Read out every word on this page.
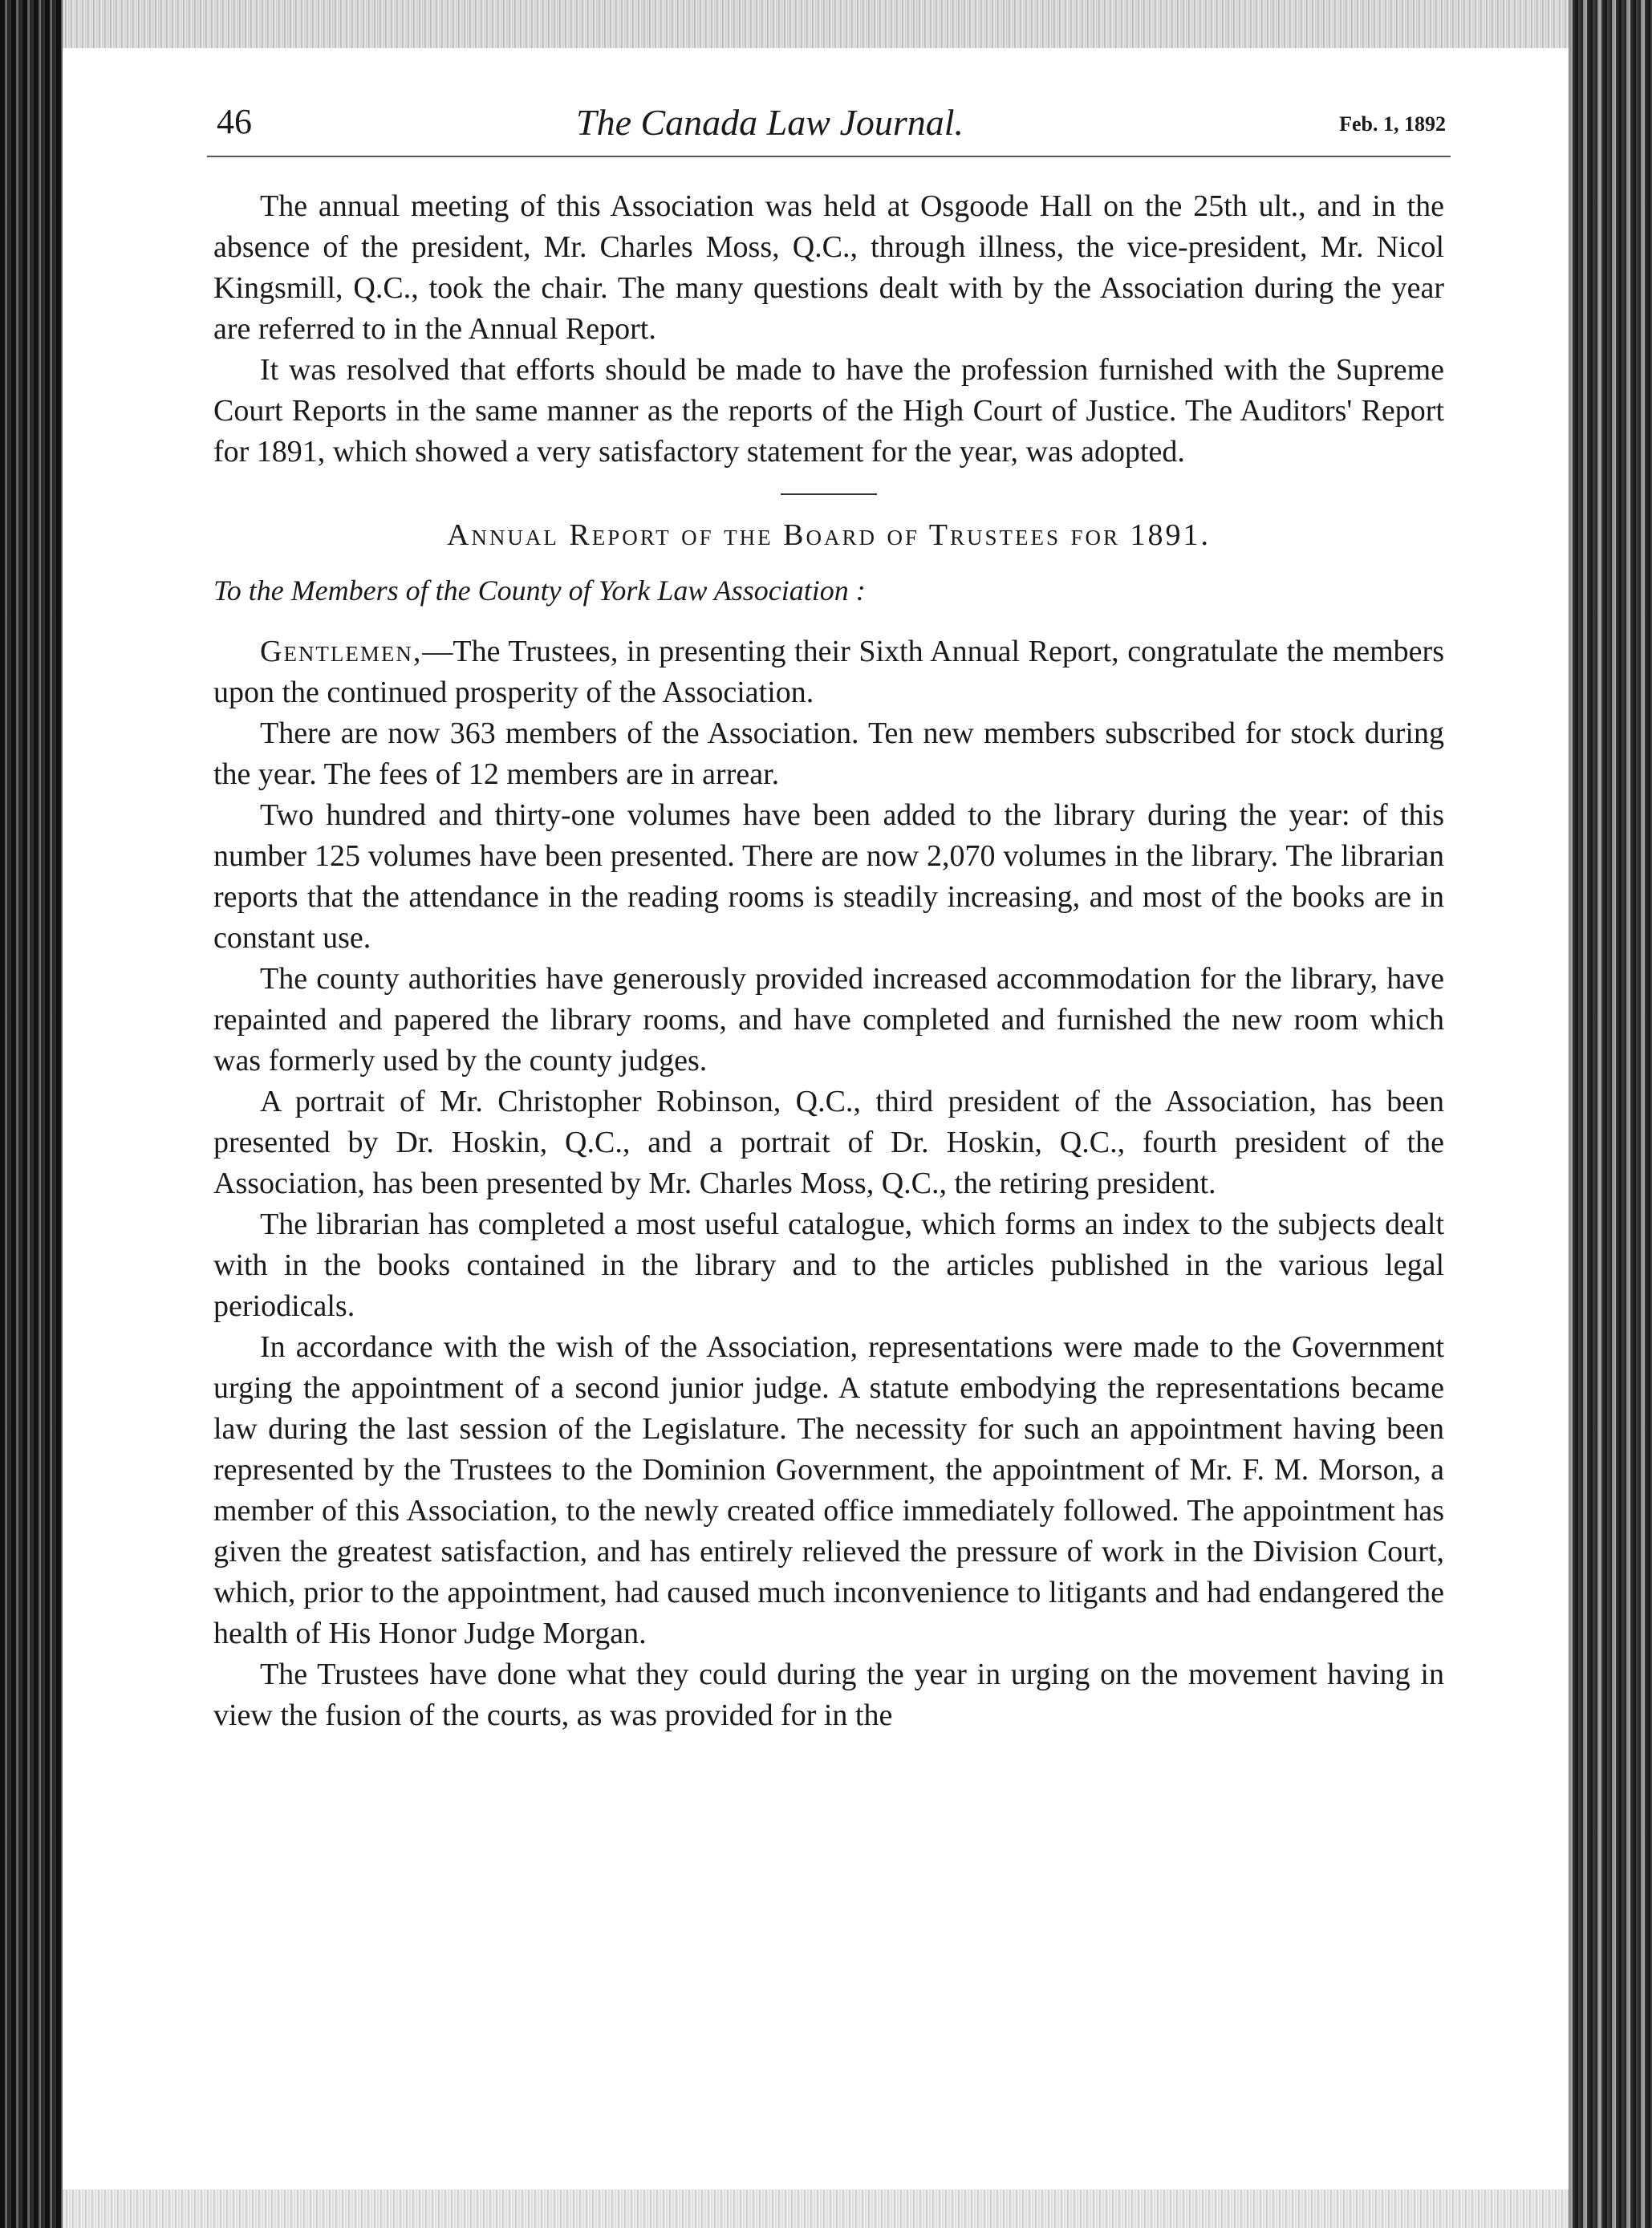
46	The Canada Law Journal.	Feb. 1, 1892

The annual meeting of this Association was held at Osgoode Hall on the 25th ult., and in the absence of the president, Mr. Charles Moss, Q.C., through illness, the vice-president, Mr. Nicol Kingsmill, Q.C., took the chair. The many questions dealt with by the Association during the year are referred to in the Annual Report.

It was resolved that efforts should be made to have the profession furnished with the Supreme Court Reports in the same manner as the reports of the High Court of Justice. The Auditors' Report for 1891, which showed a very satisfactory statement for the year, was adopted.

Annual Report of the Board of Trustees for 1891.

To the Members of the County of York Law Association :

Gentlemen,—The Trustees, in presenting their Sixth Annual Report, congratulate the members upon the continued prosperity of the Association.

There are now 363 members of the Association. Ten new members subscribed for stock during the year. The fees of 12 members are in arrear.

Two hundred and thirty-one volumes have been added to the library during the year: of this number 125 volumes have been presented. There are now 2,070 volumes in the library. The librarian reports that the attendance in the reading rooms is steadily increasing, and most of the books are in constant use.

The county authorities have generously provided increased accommodation for the library, have repainted and papered the library rooms, and have completed and furnished the new room which was formerly used by the county judges.

A portrait of Mr. Christopher Robinson, Q.C., third president of the Association, has been presented by Dr. Hoskin, Q.C., and a portrait of Dr. Hoskin, Q.C., fourth president of the Association, has been presented by Mr. Charles Moss, Q.C., the retiring president.

The librarian has completed a most useful catalogue, which forms an index to the subjects dealt with in the books contained in the library and to the articles published in the various legal periodicals.

In accordance with the wish of the Association, representations were made to the Government urging the appointment of a second junior judge. A statute embodying the representations became law during the last session of the Legislature. The necessity for such an appointment having been represented by the Trustees to the Dominion Government, the appointment of Mr. F. M. Morson, a member of this Association, to the newly created office immediately followed. The appointment has given the greatest satisfaction, and has entirely relieved the pressure of work in the Division Court, which, prior to the appointment, had caused much inconvenience to litigants and had endangered the health of His Honor Judge Morgan.

The Trustees have done what they could during the year in urging on the movement having in view the fusion of the courts, as was provided for in the
